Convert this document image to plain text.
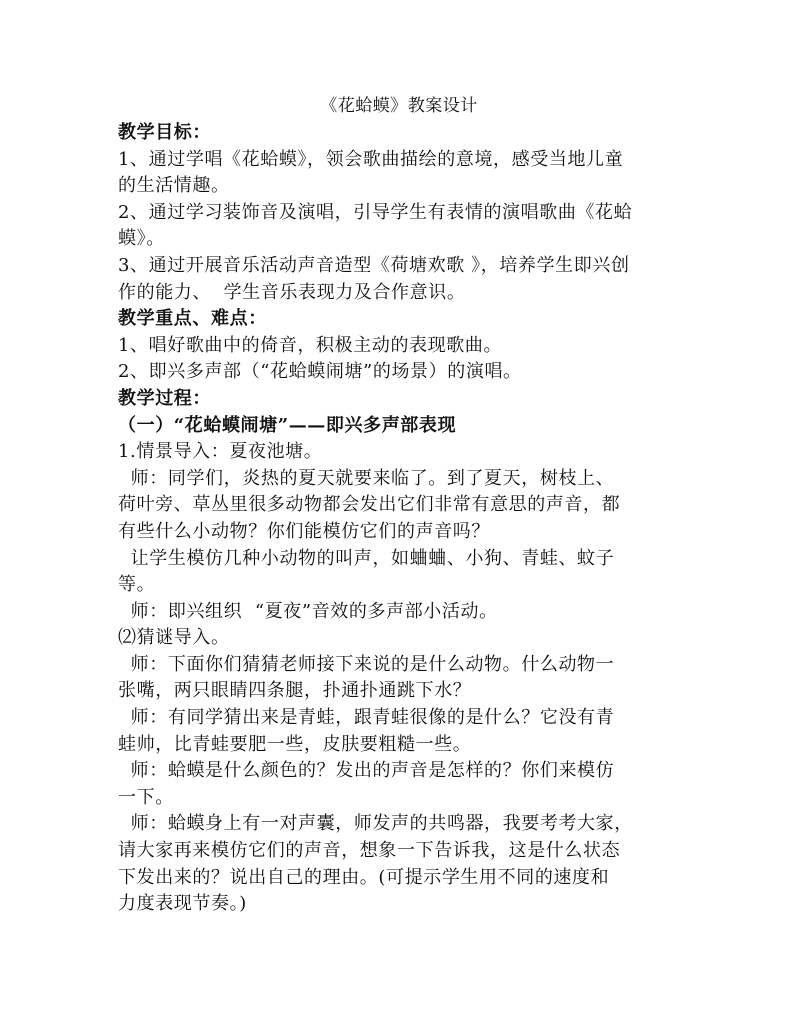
《花蛤蟆》教案设计
教学目标：
1、通过学唱《花蛤蟆》，领会歌曲描绘的意境，感受当地儿童
的生活情趣。
2、通过学习装饰音及演唱，引导学生有表情的演唱歌曲《花蛤
蟆》。
3、通过开展音乐活动声音造型《荷塘欢歌 》，培养学生即兴创
作的能力、  学生音乐表现力及合作意识。
教学重点、难点：
1、唱好歌曲中的倚音，积极主动的表现歌曲。
2、即兴多声部（“花蛤蟆闹塘”的场景）的演唱。
教学过程：
（一）“花蛤蟆闹塘”——即兴多声部表现
1.情景导入：夏夜池塘。
师：同学们，炎热的夏天就要来临了。到了夏天，树枝上、
荷叶旁、草丛里很多动物都会发出它们非常有意思的声音，都
有些什么小动物？你们能模仿它们的声音吗？
让学生模仿几种小动物的叫声，如蛐蛐、小狗、青蛙、蚊子
等。
师：即兴组织  “夏夜”音效的多声部小活动。
⑵猜谜导入。
师：下面你们猜猜老师接下来说的是什么动物。什么动物一
张嘴，两只眼睛四条腿，扑通扑通跳下水？
师：有同学猜出来是青蛙，跟青蛙很像的是什么？它没有青
蛙帅，比青蛙要肥一些，皮肤要粗糙一些。
师：蛤蟆是什么颜色的？发出的声音是怎样的？你们来模仿
一下。
师：蛤蟆身上有一对声囊，师发声的共鸣器，我要考考大家，
请大家再来模仿它们的声音，想象一下告诉我，这是什么状态
下发出来的？说出自己的理由。(可提示学生用不同的速度和
力度表现节奏。)
